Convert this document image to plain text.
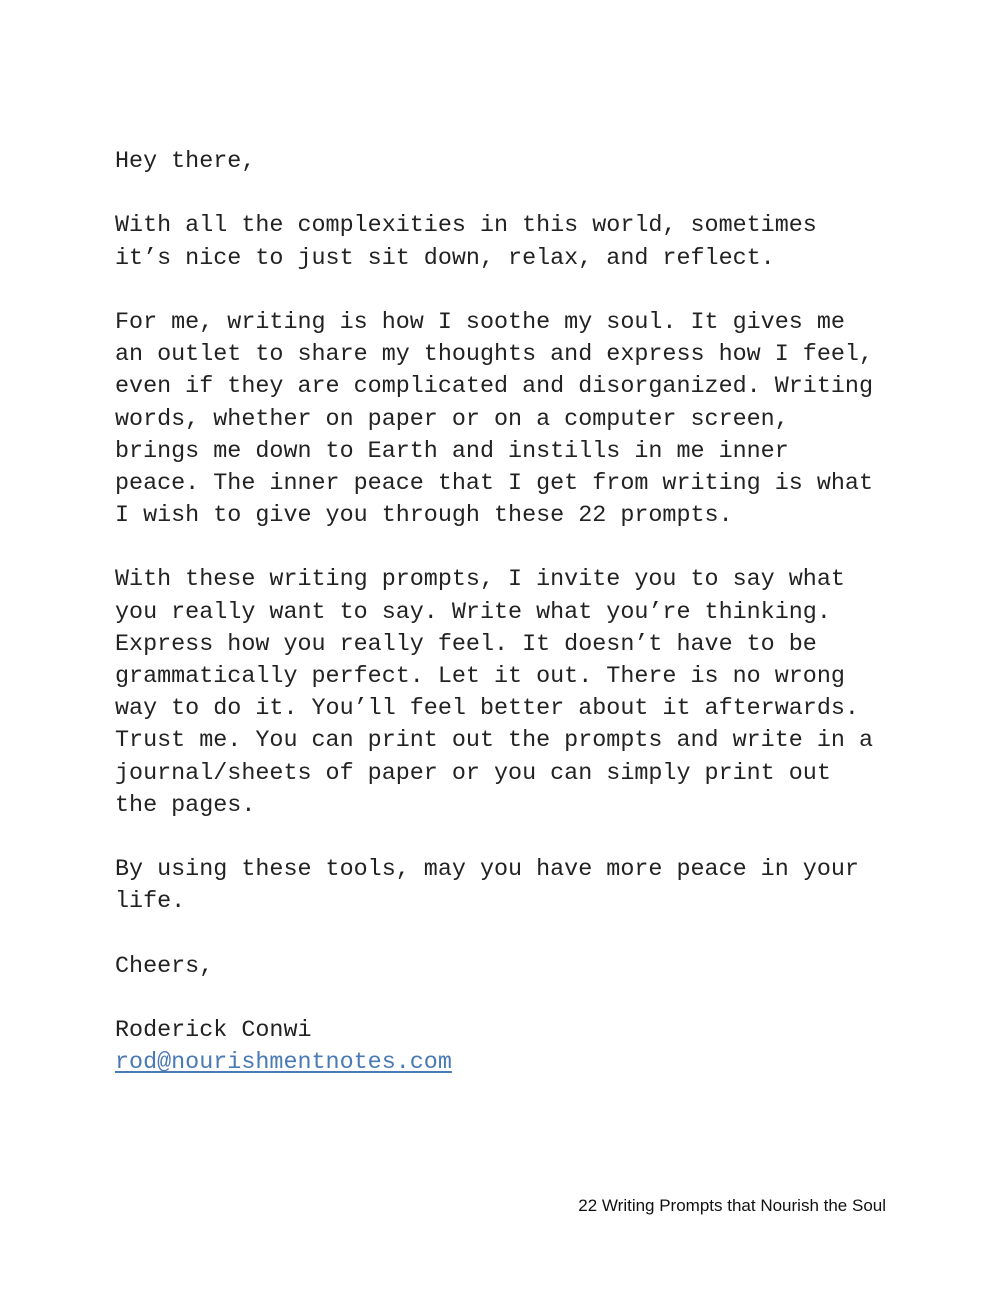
Hey there,
With all the complexities in this world, sometimes
it’s nice to just sit down, relax, and reflect.
For me, writing is how I soothe my soul. It gives me
an outlet to share my thoughts and express how I feel,
even if they are complicated and disorganized. Writing
words, whether on paper or on a computer screen,
brings me down to Earth and instills in me inner
peace. The inner peace that I get from writing is what
I wish to give you through these 22 prompts.
With these writing prompts, I invite you to say what
you really want to say. Write what you’re thinking.
Express how you really feel. It doesn’t have to be
grammatically perfect. Let it out. There is no wrong
way to do it. You’ll feel better about it afterwards.
Trust me. You can print out the prompts and write in a
journal/sheets of paper or you can simply print out
the pages.
By using these tools, may you have more peace in your
life.
Cheers,
Roderick Conwi
rod@nourishmentnotes.com
22 Writing Prompts that Nourish the Soul
